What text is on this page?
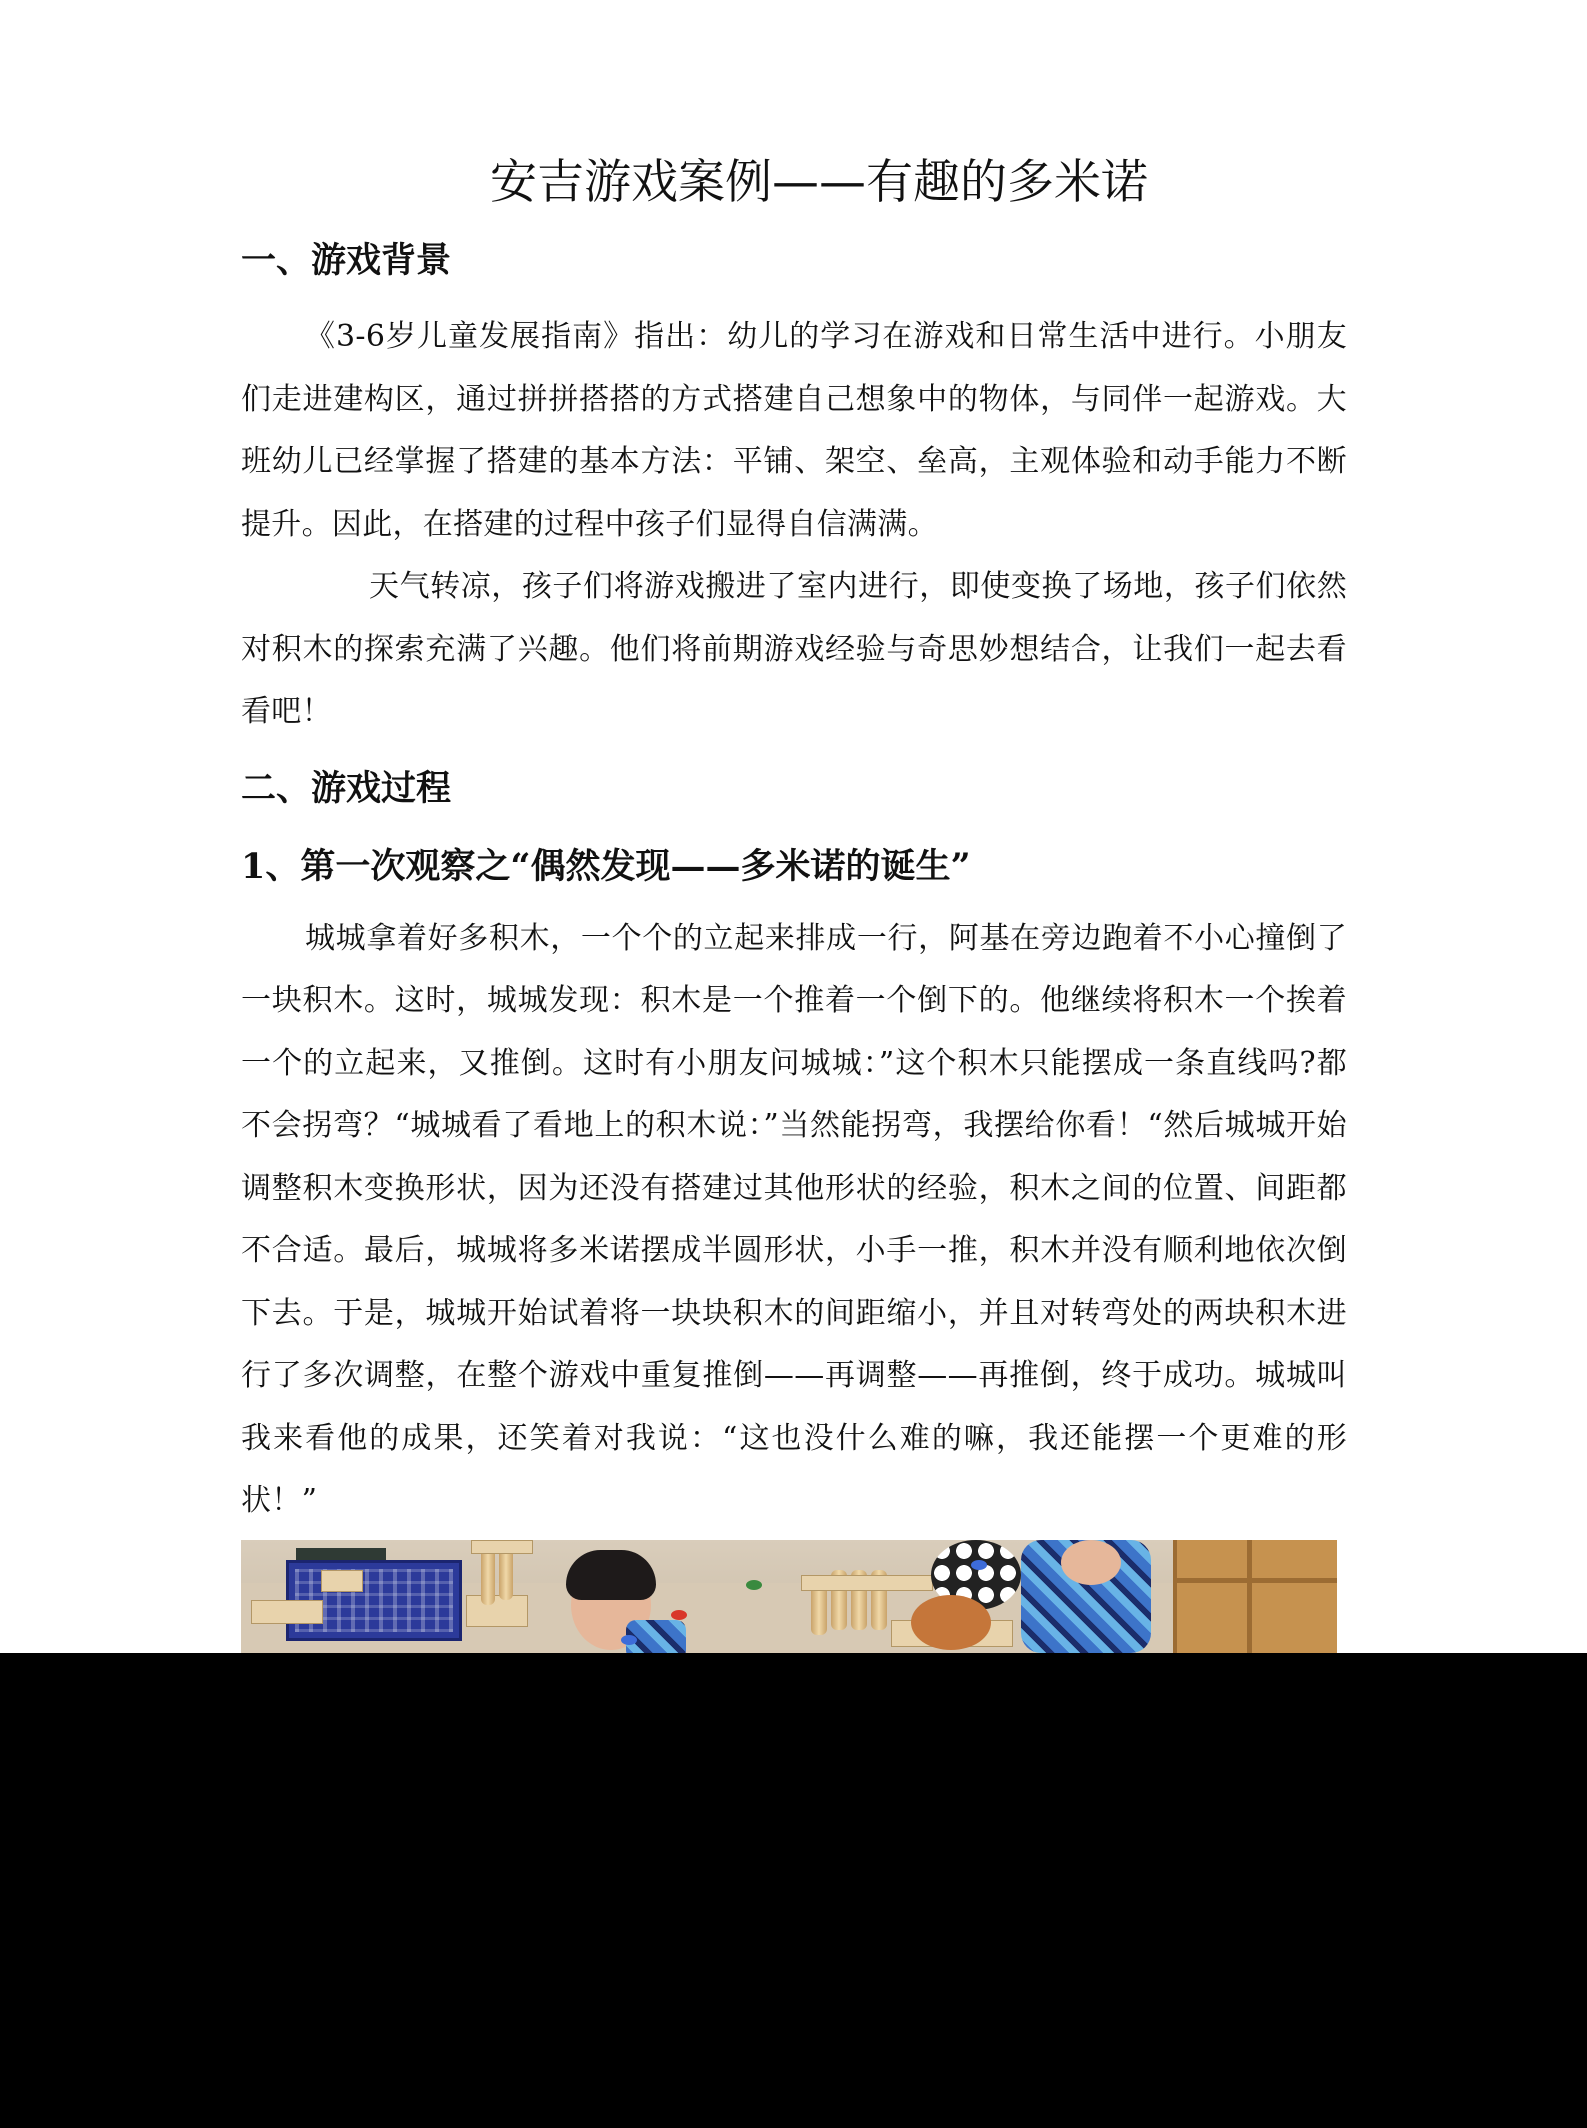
安吉游戏案例——有趣的多米诺
一、游戏背景

《3-6岁儿童发展指南》指出：幼儿的学习在游戏和日常生活中进行。小朋友们走进建构区，通过拼拼搭搭的方式搭建自己想象中的物体，与同伴一起游戏。大班幼儿已经掌握了搭建的基本方法：平铺、架空、垒高，主观体验和动手能力不断提升。因此，在搭建的过程中孩子们显得自信满满。

天气转凉，孩子们将游戏搬进了室内进行，即使变换了场地，孩子们依然对积木的探索充满了兴趣。他们将前期游戏经验与奇思妙想结合，让我们一起去看看吧！

二、游戏过程
1、第一次观察之“偶然发现——多米诺的诞生”

城城拿着好多积木，一个个的立起来排成一行，阿基在旁边跑着不小心撞倒了一块积木。这时，城城发现：积木是一个推着一个倒下的。他继续将积木一个挨着一个的立起来，又推倒。这时有小朋友问城城：”这个积木只能摆成一条直线吗?都不会拐弯？“城城看了看地上的积木说：”当然能拐弯，我摆给你看！“然后城城开始调整积木变换形状，因为还没有搭建过其他形状的经验，积木之间的位置、间距都不合适。最后，城城将多米诺摆成半圆形状，小手一推，积木并没有顺利地依次倒下去。于是，城城开始试着将一块块积木的间距缩小，并且对转弯处的两块积木进行了多次调整，在整个游戏中重复推倒——再调整——再推倒，终于成功。城城叫我来看他的成果，还笑着对我说：“这也没什么难的嘛，我还能摆一个更难的形状！”
